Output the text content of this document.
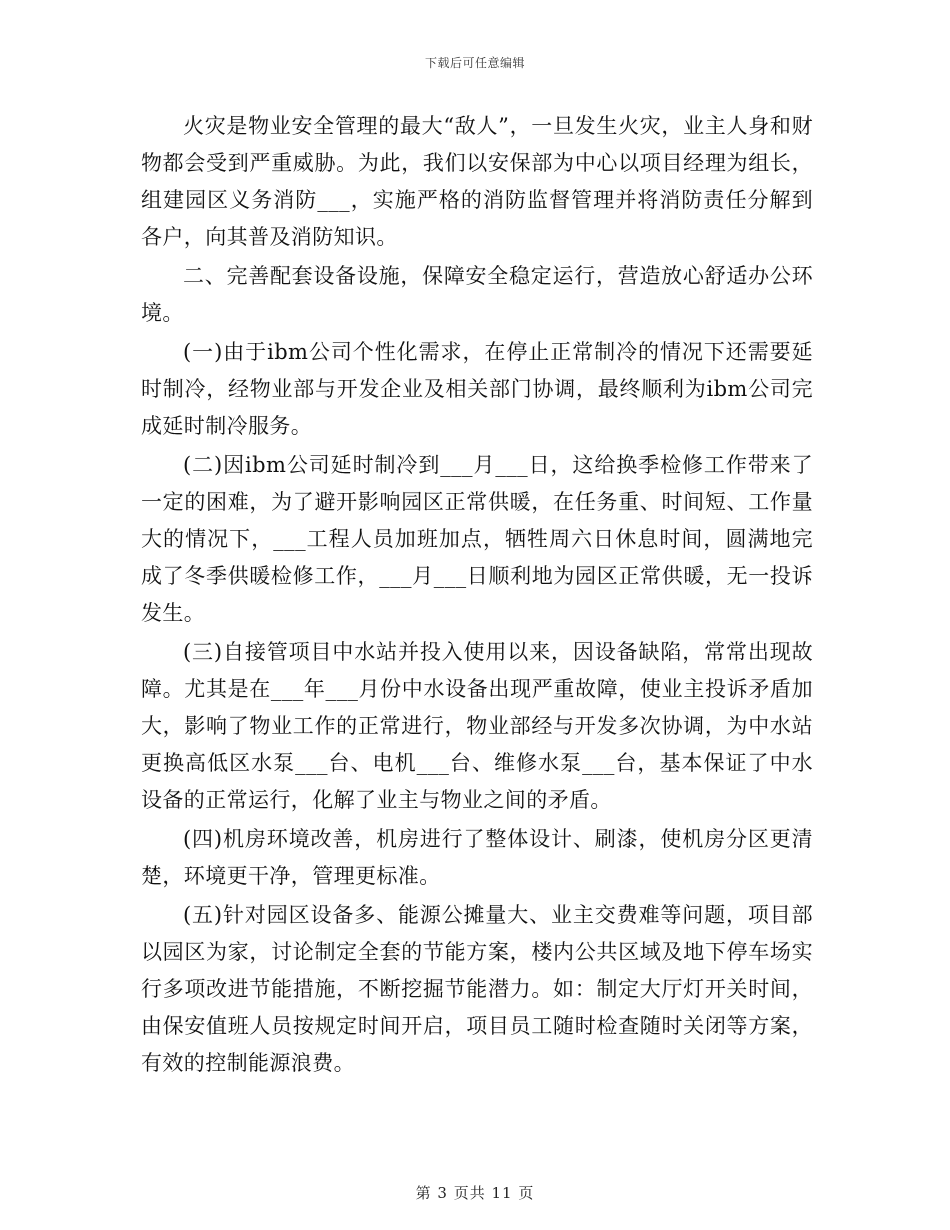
下载后可任意编辑

火灾是物业安全管理的最大“敌人”，一旦发生火灾，业主人身和财物都会受到严重威胁。为此，我们以安保部为中心以项目经理为组长，组建园区义务消防___，实施严格的消防监督管理并将消防责任分解到各户，向其普及消防知识。

二、完善配套设备设施，保障安全稳定运行，营造放心舒适办公环境。

(一)由于ibm公司个性化需求，在停止正常制冷的情况下还需要延时制冷，经物业部与开发企业及相关部门协调，最终顺利为ibm公司完成延时制冷服务。

(二)因ibm公司延时制冷到___月___日，这给换季检修工作带来了一定的困难，为了避开影响园区正常供暖，在任务重、时间短、工作量大的情况下，___工程人员加班加点，牺牲周六日休息时间，圆满地完成了冬季供暖检修工作，___月___日顺利地为园区正常供暖，无一投诉发生。

(三)自接管项目中水站并投入使用以来，因设备缺陷，常常出现故障。尤其是在___年___月份中水设备出现严重故障，使业主投诉矛盾加大，影响了物业工作的正常进行，物业部经与开发多次协调，为中水站更换高低区水泵___台、电机___台、维修水泵___台，基本保证了中水设备的正常运行，化解了业主与物业之间的矛盾。

(四)机房环境改善，机房进行了整体设计、刷漆，使机房分区更清楚，环境更干净，管理更标准。

(五)针对园区设备多、能源公摊量大、业主交费难等问题，项目部以园区为家，讨论制定全套的节能方案，楼内公共区域及地下停车场实行多项改进节能措施，不断挖掘节能潜力。如：制定大厅灯开关时间，由保安值班人员按规定时间开启，项目员工随时检查随时关闭等方案，有效的控制能源浪费。

第 3 页共 11 页
